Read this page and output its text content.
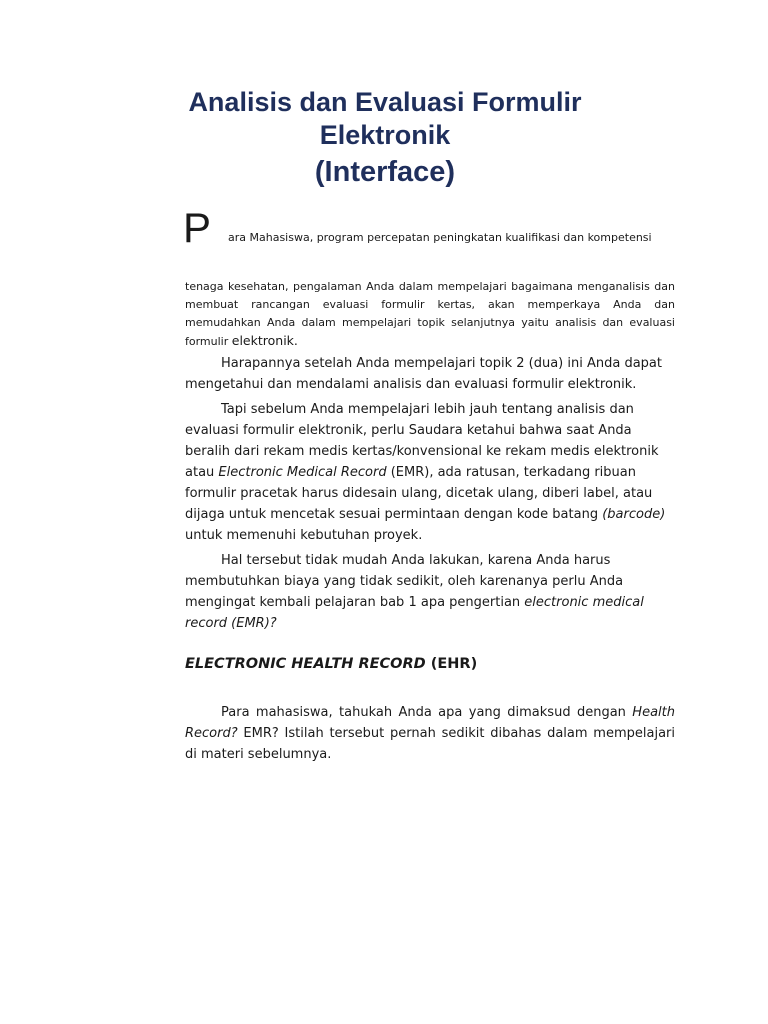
Analisis dan Evaluasi Formulir
Elektronik
(Interface)
P ara Mahasiswa, program percepatan peningkatan kualifikasi dan kompetensi

tenaga kesehatan, pengalaman Anda dalam mempelajari bagaimana menganalisis dan membuat rancangan evaluasi formulir kertas, akan memperkaya Anda dan memudahkan Anda dalam mempelajari topik selanjutnya yaitu analisis dan evaluasi formulir elektronik.

Harapannya setelah Anda mempelajari topik 2 (dua) ini Anda dapat mengetahui dan mendalami analisis dan evaluasi formulir elektronik.

Tapi sebelum Anda mempelajari lebih jauh tentang analisis dan evaluasi formulir elektronik, perlu Saudara ketahui bahwa saat Anda beralih dari rekam medis kertas/konvensional ke rekam medis elektronik atau Electronic Medical Record (EMR), ada ratusan, terkadang ribuan formulir pracetak harus didesain ulang, dicetak ulang, diberi label, atau dijaga untuk mencetak sesuai permintaan dengan kode batang (barcode) untuk memenuhi kebutuhan proyek.

Hal tersebut tidak mudah Anda lakukan, karena Anda harus membutuhkan biaya yang tidak sedikit, oleh karenanya perlu Anda mengingat kembali pelajaran bab 1 apa pengertian electronic medical record (EMR)?

ELECTRONIC HEALTH RECORD (EHR)

Para mahasiswa, tahukah Anda apa yang dimaksud dengan Health Record? EMR? Istilah tersebut pernah sedikit dibahas dalam mempelajari di materi sebelumnya.
